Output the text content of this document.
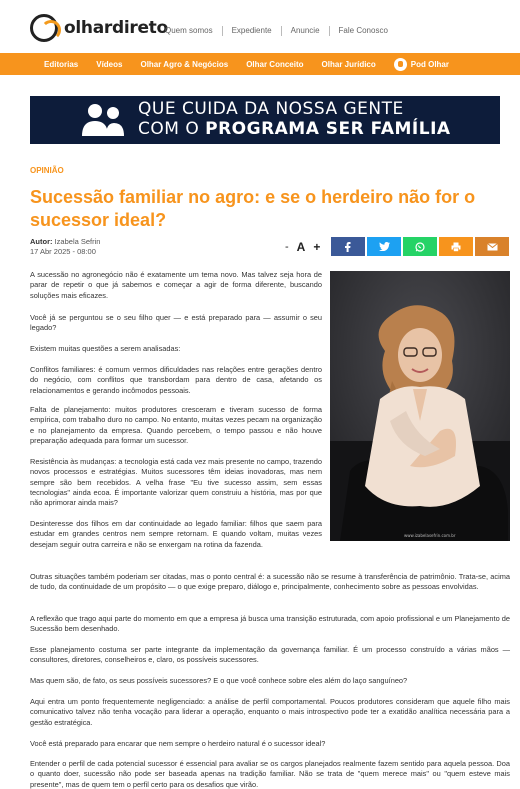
olhardireto
Quem somos	Expediente	Anuncie	Fale Conosco
Editorias Vídeos Olhar Agro & Negócios Olhar Conceito Olhar Jurídico	Pod Olhar
QUE CUIDA DA NOSSA GENTE
COM O PROGRAMA SER FAMÍLIA
OPINIÃO
Sucessão familiar no agro: e se o herdeiro não for o sucessor ideal?
Autor: Izabela Sefrin
17 Abr 2025 - 08:00	- A +
www.izabelasefrin.com.br

A sucessão no agronegócio não é exatamente um tema novo. Mas talvez seja hora de parar de repetir o que já sabemos e começar a agir de forma diferente, buscando soluções mais eficazes.

Você já se perguntou se o seu filho quer — e está preparado para — assumir o seu legado?

Existem muitas questões a serem analisadas:

Conflitos familiares: é comum vermos dificuldades nas relações entre gerações dentro do negócio, com conflitos que transbordam para dentro de casa, afetando os relacionamentos e gerando incômodos pessoais.

Falta de planejamento: muitos produtores cresceram e tiveram sucesso de forma empírica, com trabalho duro no campo. No entanto, muitas vezes pecam na organização e no planejamento da empresa. Quando percebem, o tempo passou e não houve preparação adequada para formar um sucessor.

Resistência às mudanças: a tecnologia está cada vez mais presente no campo, trazendo novos processos e estratégias. Muitos sucessores têm ideias inovadoras, mas nem sempre são bem recebidos. A velha frase "Eu tive sucesso assim, sem essas tecnologias" ainda ecoa. É importante valorizar quem construiu a história, mas por que não aprimorar ainda mais?

Desinteresse dos filhos em dar continuidade ao legado familiar: filhos que saem para estudar em grandes centros nem sempre retornam. E quando voltam, muitas vezes desejam seguir outra carreira e não se enxergam na rotina da fazenda.

Outras situações também poderiam ser citadas, mas o ponto central é: a sucessão não se resume à transferência de patrimônio. Trata-se, acima de tudo, da continuidade de um propósito — o que exige preparo, diálogo e, principalmente, conhecimento sobre as pessoas envolvidas.

A reflexão que trago aqui parte do momento em que a empresa já busca uma transição estruturada, com apoio profissional e um Planejamento de Sucessão bem desenhado.

Esse planejamento costuma ser parte integrante da implementação da governança familiar. É um processo construído a várias mãos — consultores, diretores, conselheiros e, claro, os possíveis sucessores.

Mas quem são, de fato, os seus possíveis sucessores? E o que você conhece sobre eles além do laço sanguíneo?

Aqui entra um ponto frequentemente negligenciado: a análise de perfil comportamental. Poucos produtores consideram que aquele filho mais comunicativo talvez não tenha vocação para liderar a operação, enquanto o mais introspectivo pode ter a exatidão analítica necessária para a gestão estratégica.

Você está preparado para encarar que nem sempre o herdeiro natural é o sucessor ideal?

Entender o perfil de cada potencial sucessor é essencial para avaliar se os cargos planejados realmente fazem sentido para aquela pessoa. Doa o quanto doer, sucessão não pode ser baseada apenas na tradição familiar. Não se trata de "quem merece mais" ou "quem esteve mais presente", mas de quem tem o perfil certo para os desafios que virão.
